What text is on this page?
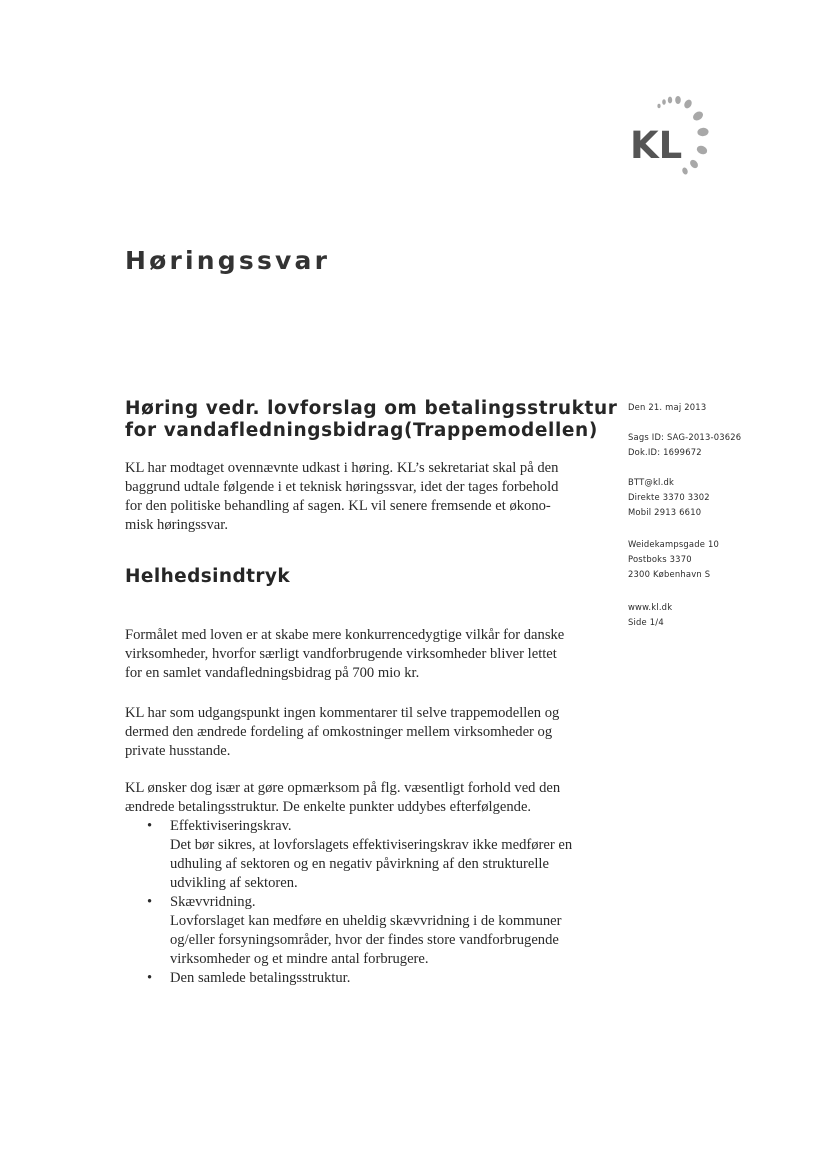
KL
Høringssvar
Høring vedr. lovforslag om betalingsstruktur
for vandafledningsbidrag(Trappemodellen)
KL har modtaget ovennævnte udkast i høring. KL’s sekretariat skal på den
baggrund udtale følgende i et teknisk høringssvar, idet der tages forbehold
for den politiske behandling af sagen. KL vil senere fremsende et økono-
misk høringssvar.
Helhedsindtryk
Formålet med loven er at skabe mere konkurrencedygtige vilkår for danske
virksomheder, hvorfor særligt vandforbrugende virksomheder bliver lettet
for en samlet vandafledningsbidrag på 700 mio kr.
KL har som udgangspunkt ingen kommentarer til selve trappemodellen og
dermed den ændrede fordeling af omkostninger mellem virksomheder og
private husstande.
KL ønsker dog især at gøre opmærksom på flg. væsentligt forhold ved den
ændrede betalingsstruktur. De enkelte punkter uddybes efterfølgende.
• Effektiviseringskrav.
Det bør sikres, at lovforslagets effektiviseringskrav ikke medfører en
udhuling af sektoren og en negativ påvirkning af den strukturelle
udvikling af sektoren.
• Skævvridning.
Lovforslaget kan medføre en uheldig skævvridning i de kommuner
og/eller forsyningsområder, hvor der findes store vandforbrugende
virksomheder og et mindre antal forbrugere.
• Den samlede betalingsstruktur.
Den 21. maj 2013
Sags ID: SAG-2013-03626
Dok.ID: 1699672
BTT@kl.dk
Direkte 3370 3302
Mobil 2913 6610
Weidekampsgade 10
Postboks 3370
2300 København S
www.kl.dk
Side 1/4
